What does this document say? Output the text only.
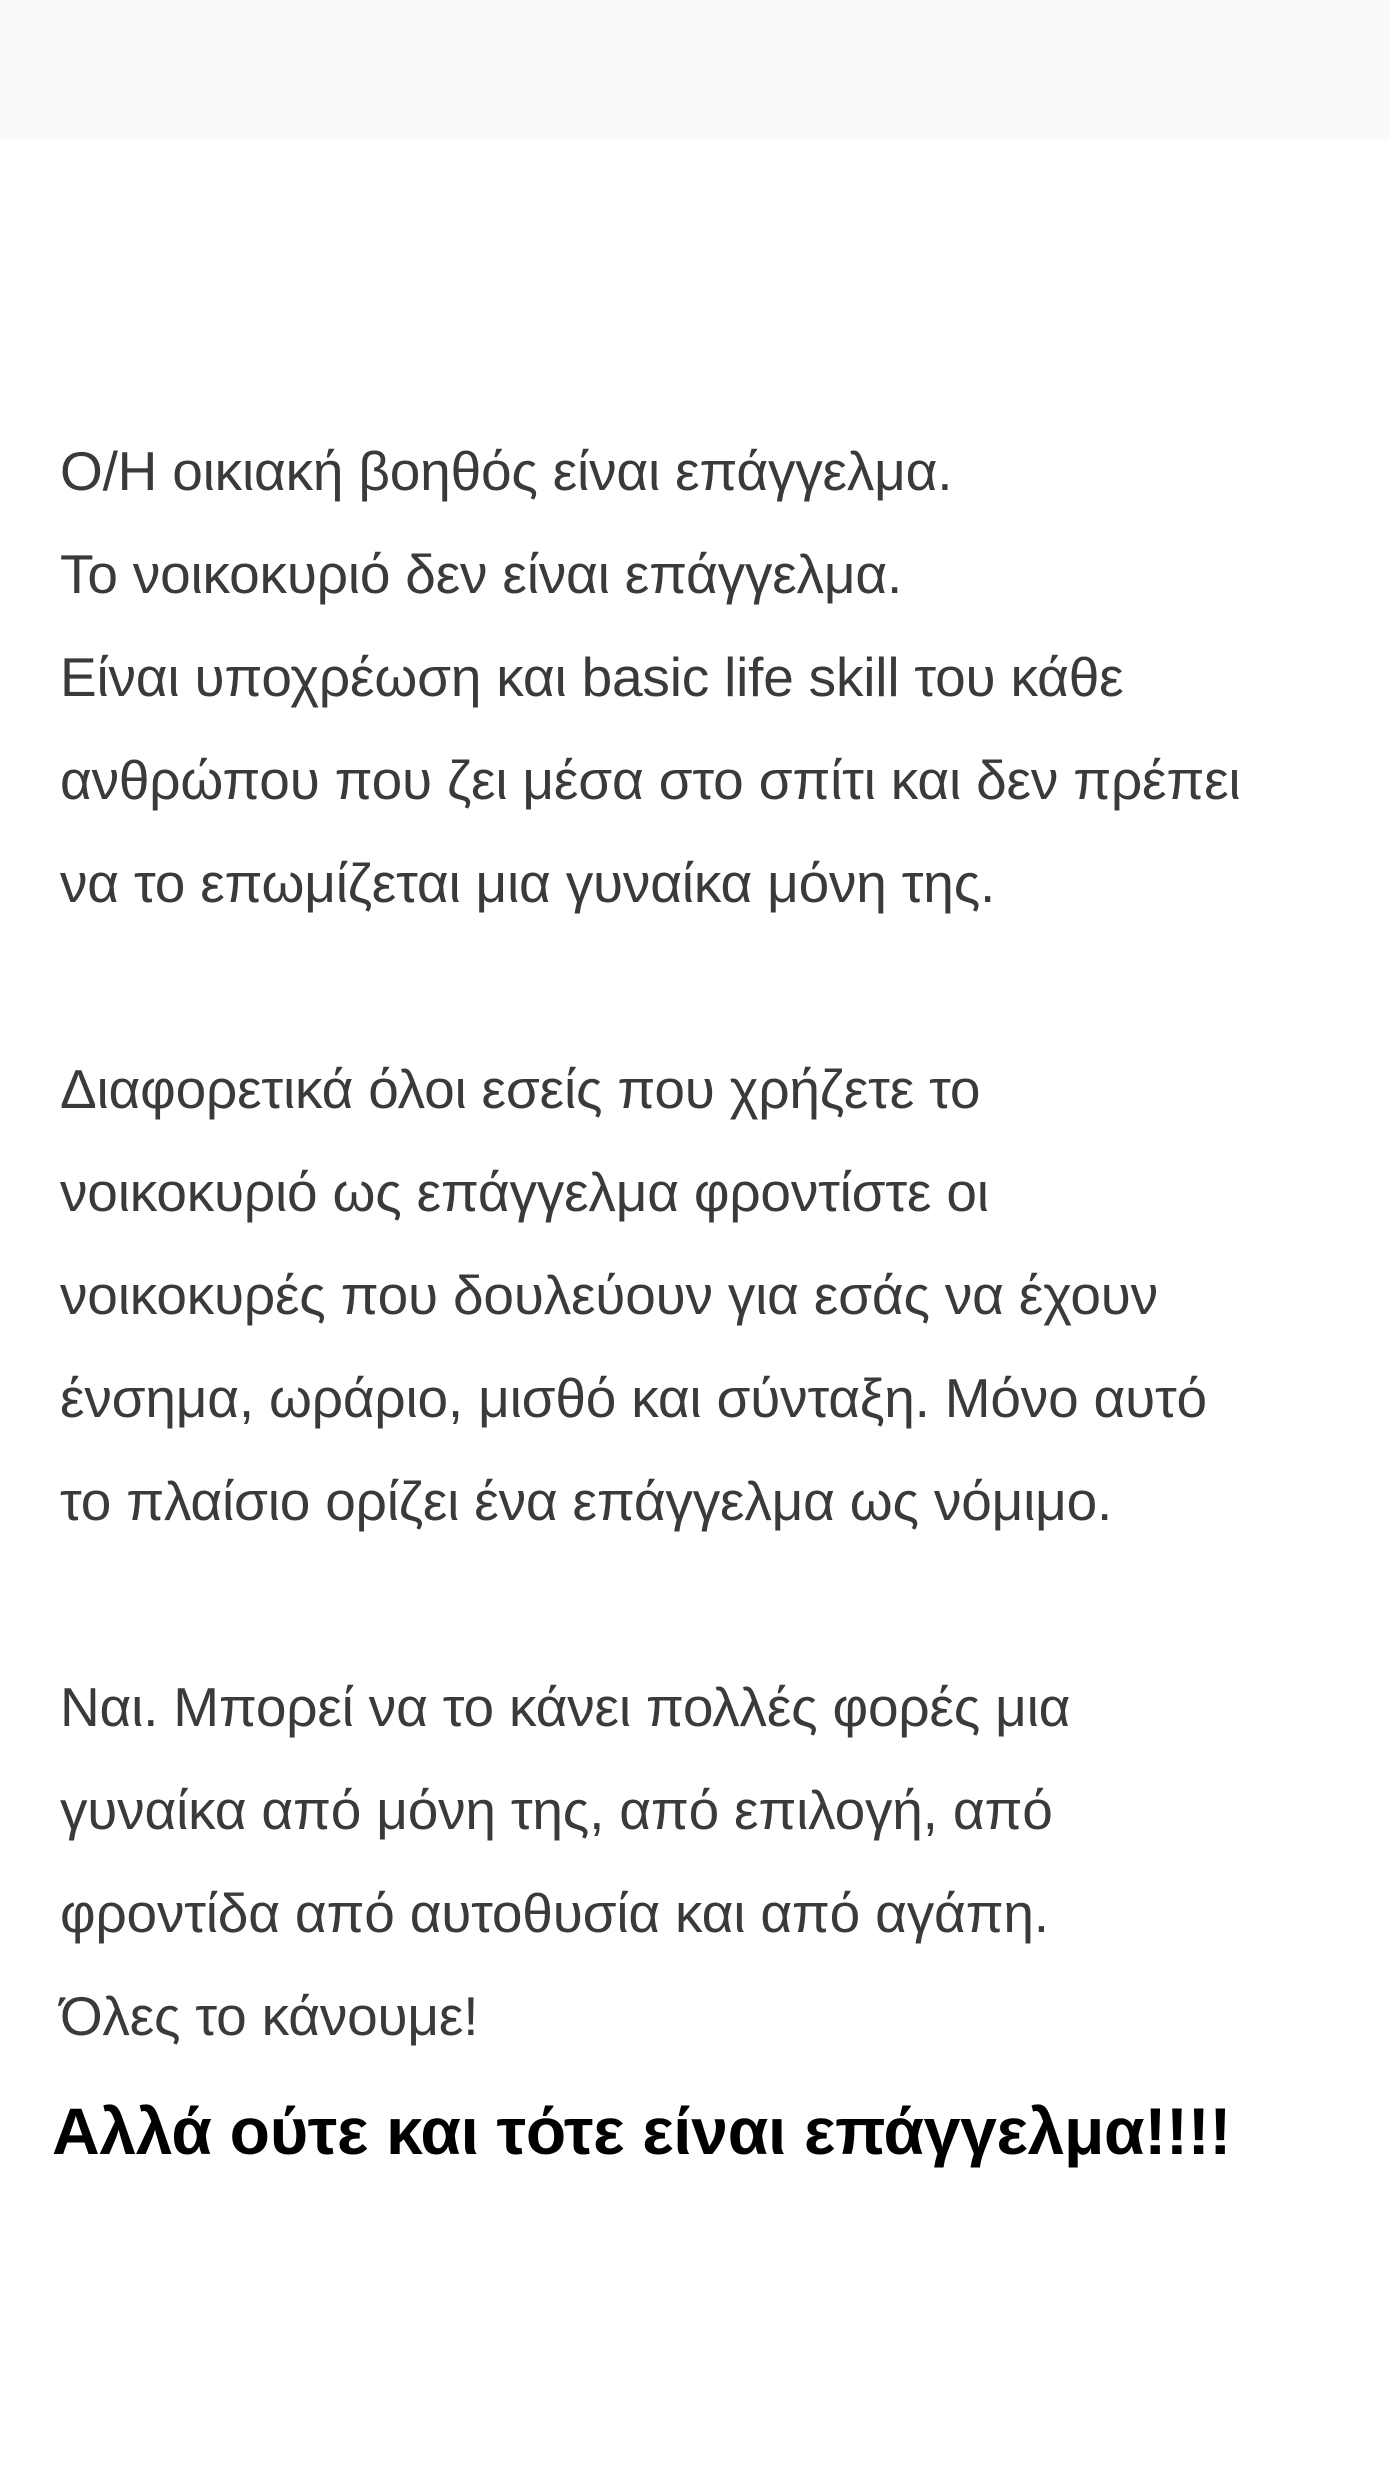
Ο/Η οικιακή βοηθός είναι επάγγελμα.
Το νοικοκυριό δεν είναι επάγγελμα.
Είναι υποχρέωση και basic life skill του κάθε
ανθρώπου που ζει μέσα στο σπίτι και δεν πρέπει
να το επωμίζεται μια γυναίκα μόνη της.
Διαφορετικά όλοι εσείς που χρήζετε το
νοικοκυριό ως επάγγελμα φροντίστε οι
νοικοκυρές που δουλεύουν για εσάς να έχουν
ένσημα, ωράριο, μισθό και σύνταξη. Μόνο αυτό
το πλαίσιο ορίζει ένα επάγγελμα ως νόμιμο.
Ναι. Μπορεί να το κάνει πολλές φορές μια
γυναίκα από μόνη της, από επιλογή, από
φροντίδα από αυτοθυσία και από αγάπη.
Όλες το κάνουμε!
Αλλά ούτε και τότε είναι επάγγελμα!!!!
